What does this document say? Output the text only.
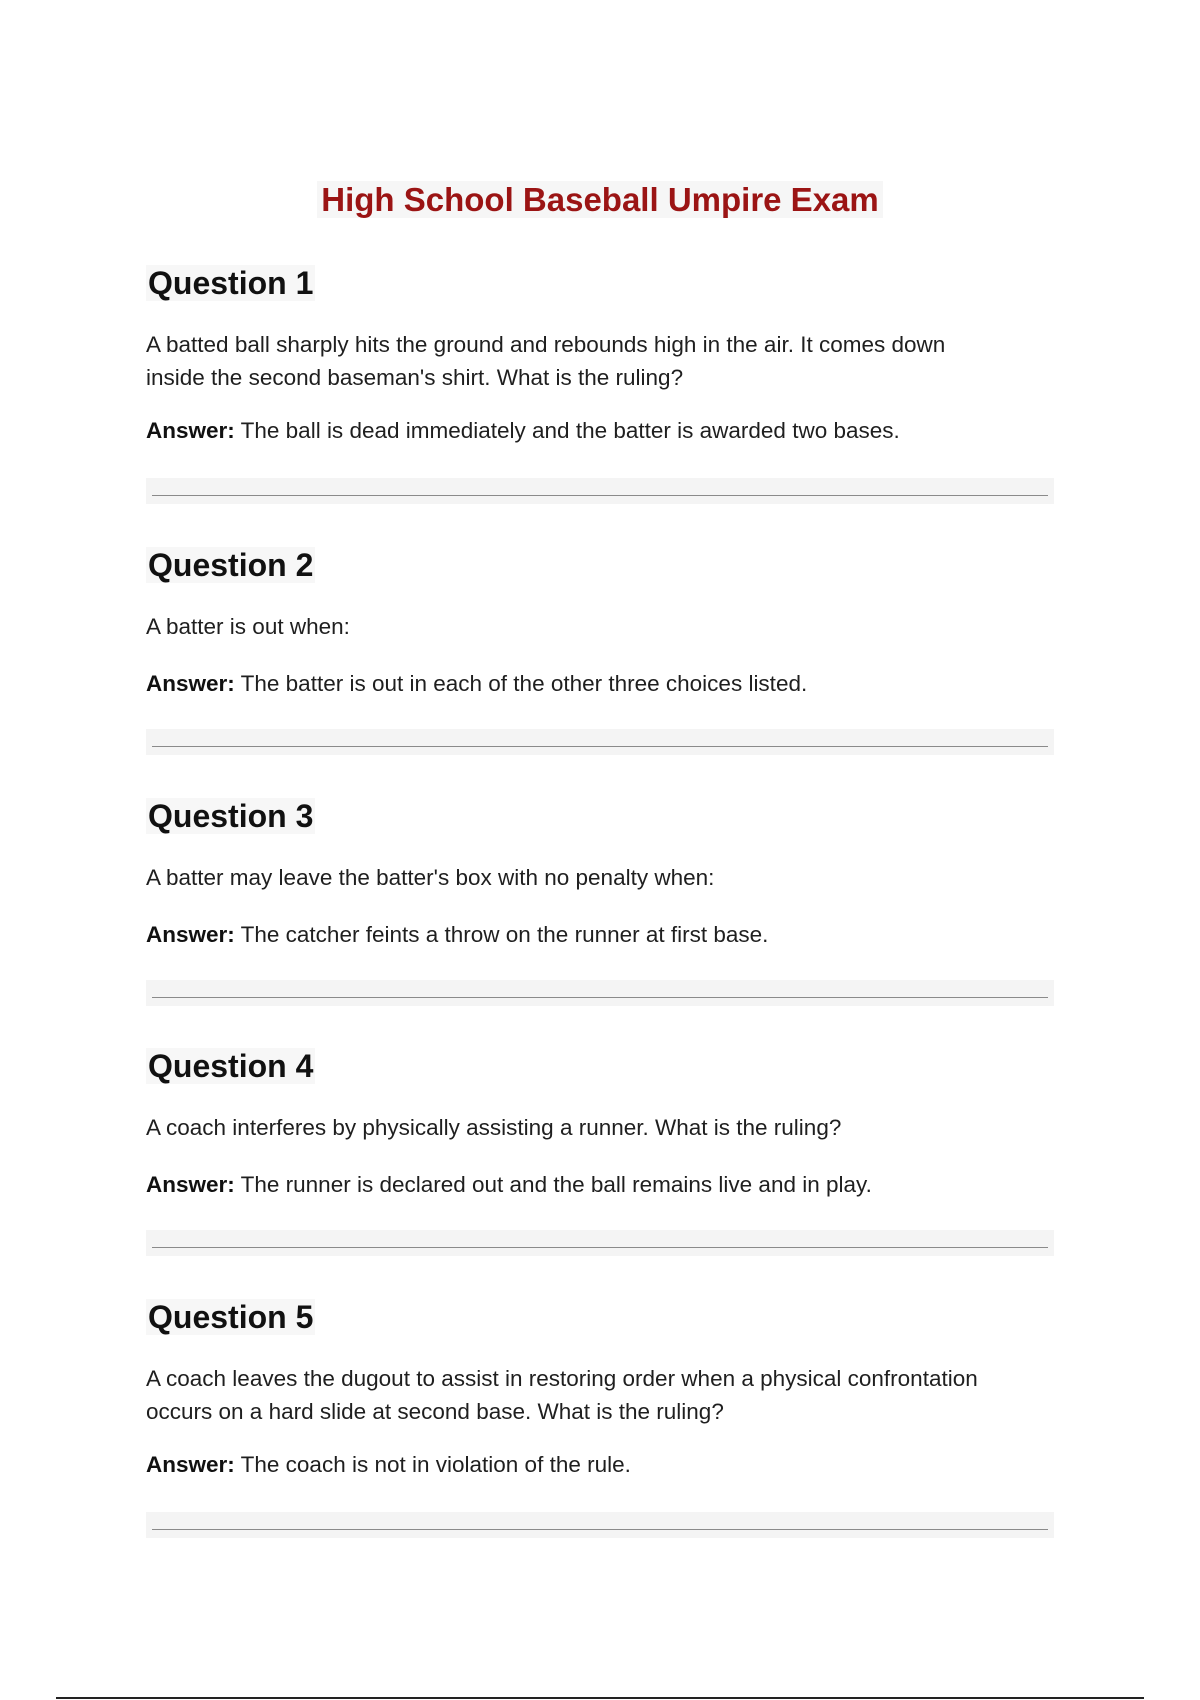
High School Baseball Umpire Exam
Question 1

A batted ball sharply hits the ground and rebounds high in the air. It comes down
inside the second baseman's shirt. What is the ruling?

Answer: The ball is dead immediately and the batter is awarded two bases.

Question 2

A batter is out when:

Answer: The batter is out in each of the other three choices listed.

Question 3

A batter may leave the batter's box with no penalty when:

Answer: The catcher feints a throw on the runner at first base.

Question 4

A coach interferes by physically assisting a runner. What is the ruling?

Answer: The runner is declared out and the ball remains live and in play.

Question 5

A coach leaves the dugout to assist in restoring order when a physical confrontation
occurs on a hard slide at second base. What is the ruling?

Answer: The coach is not in violation of the rule.
